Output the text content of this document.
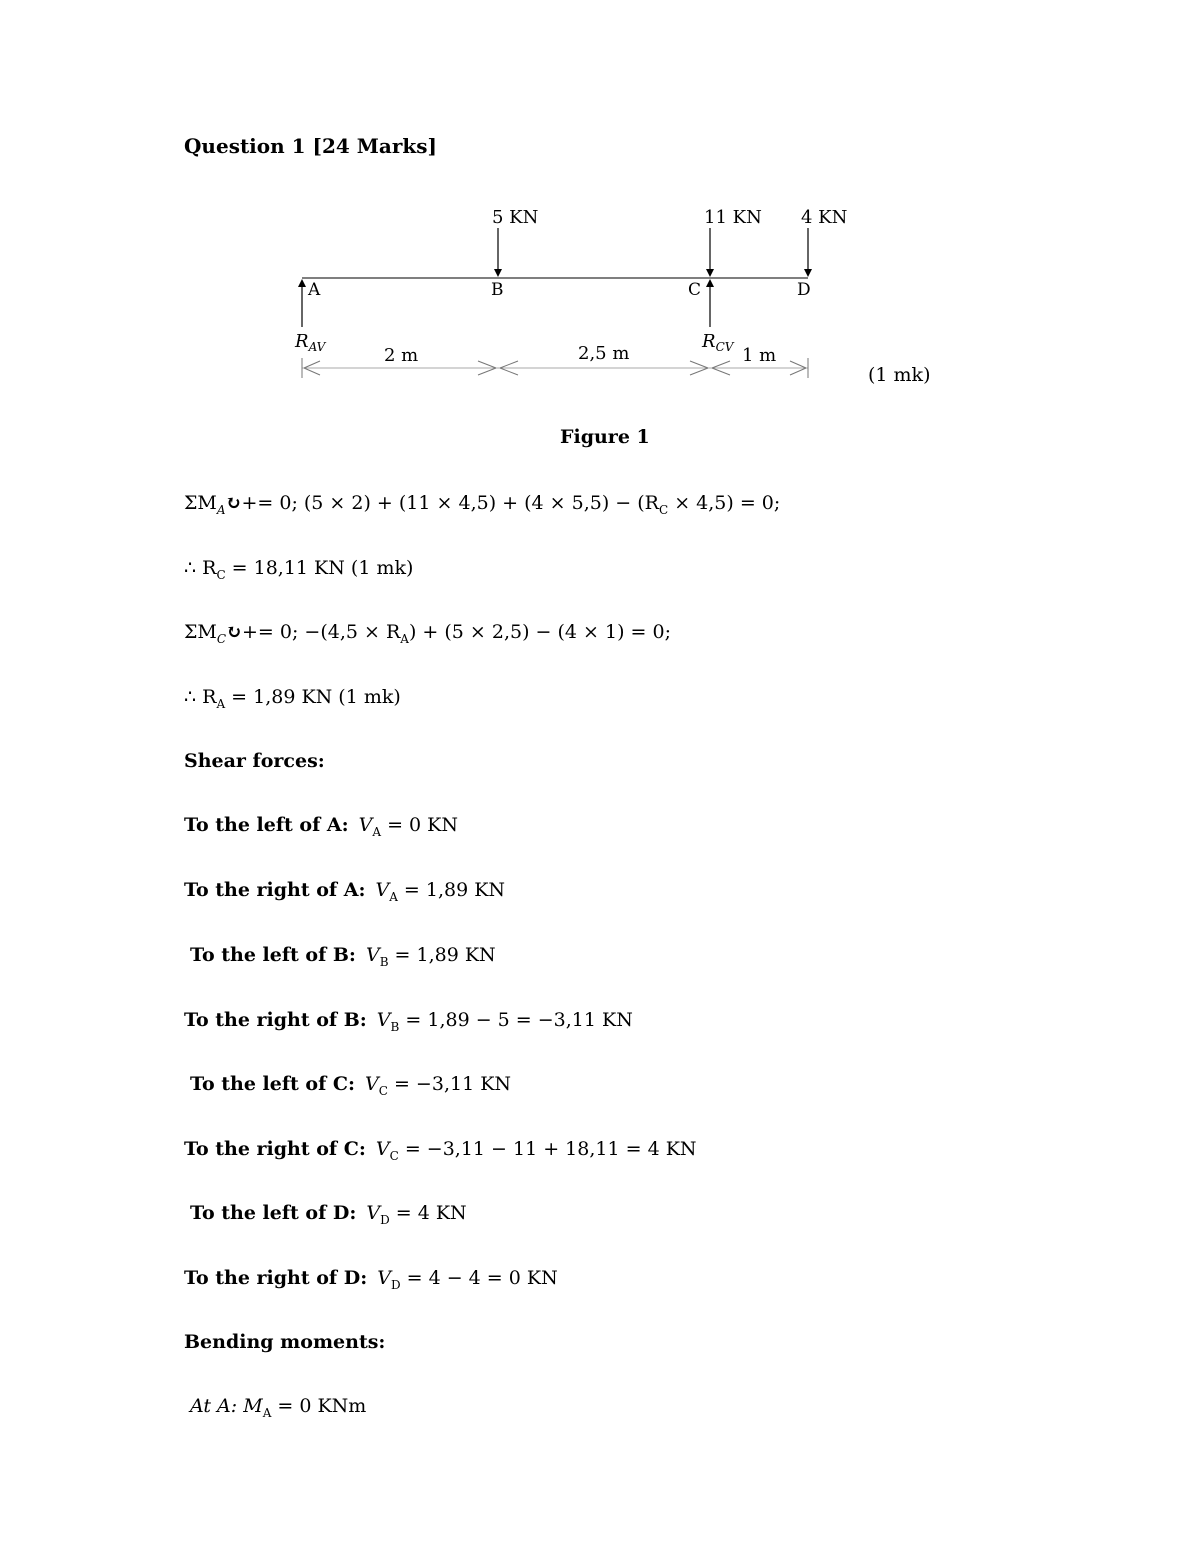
Question 1 [24 Marks]
5 KN	11 KN 4 KN
A	B	C	D
$R_{AV}$	$R_{CV}$
2 m	2,5 m	1 m
(1 mk)
Figure 1
$\Sigma M_A↻+= 0$; $(5 \times 2) + (11 \times 4,5) + (4 \times 5,5) - (R_C \times 4,5) = 0$;
∴ $R_C = 18,11$ KN (1 mk)
$\Sigma M_C↻+= 0$; $-(4,5 \times R_A) + (5 \times 2,5) - (4 \times 1) = 0$;
∴ $R_A = 1,89$ KN (1 mk)
Shear forces:
To the left of A: $V_A = 0$ KN
To the right of A: $V_A = 1,89$ KN
To the left of B: $V_B = 1,89$ KN
To the right of B: $V_B = 1,89 - 5 = -3,11$ KN
To the left of C: $V_C = -3,11$ KN
To the right of C: $V_C = -3,11 - 11 + 18,11 = 4$ KN
To the left of D: $V_D = 4$ KN
To the right of D: $V_D = 4 - 4 = 0$ KN
Bending moments:
At A: $M_A = 0$ KNm
